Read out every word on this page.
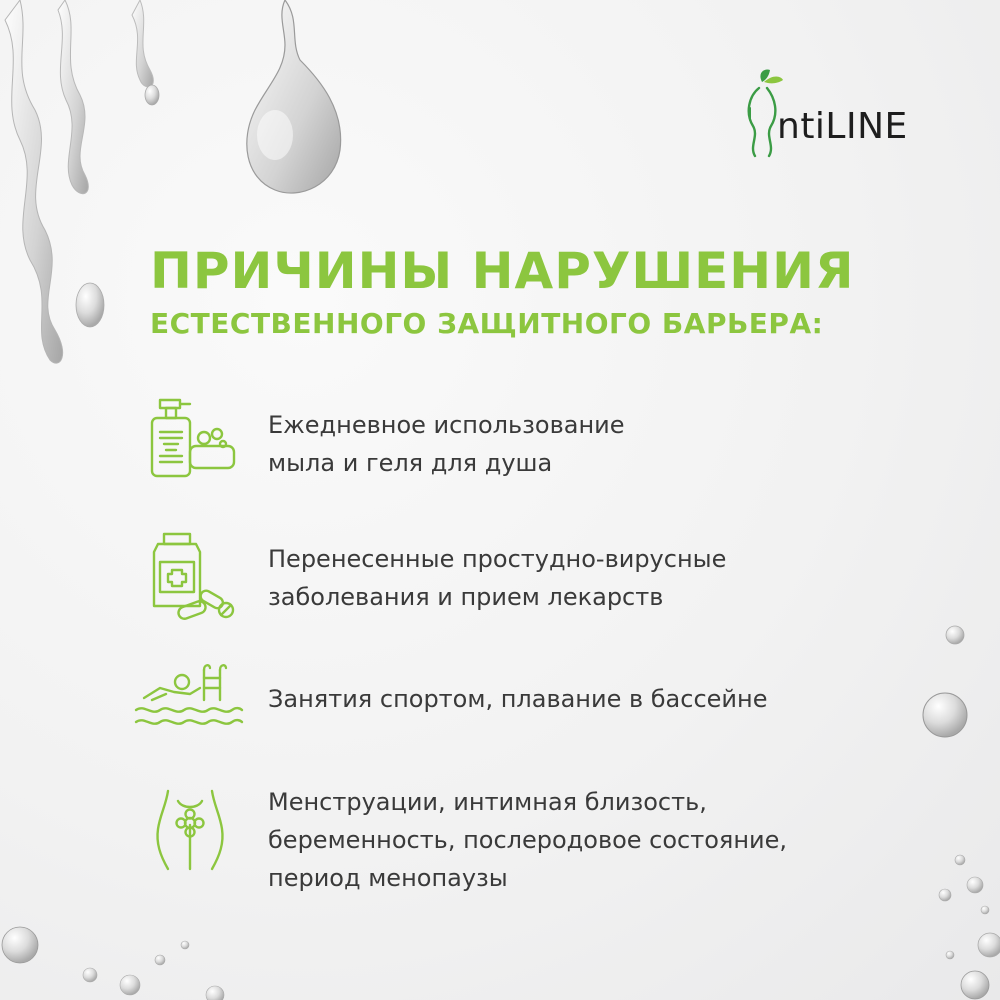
ntiLINE
ПРИЧИНЫ НАРУШЕНИЯ
ЕСТЕСТВЕННОГО ЗАЩИТНОГО БАРЬЕРА:
Ежедневное использование
мыла и геля для душа
Перенесенные простудно-вирусные
заболевания и прием лекарств
Занятия спортом, плавание в бассейне
Менструации, интимная близость,
беременность, послеродовое состояние,
период менопаузы
